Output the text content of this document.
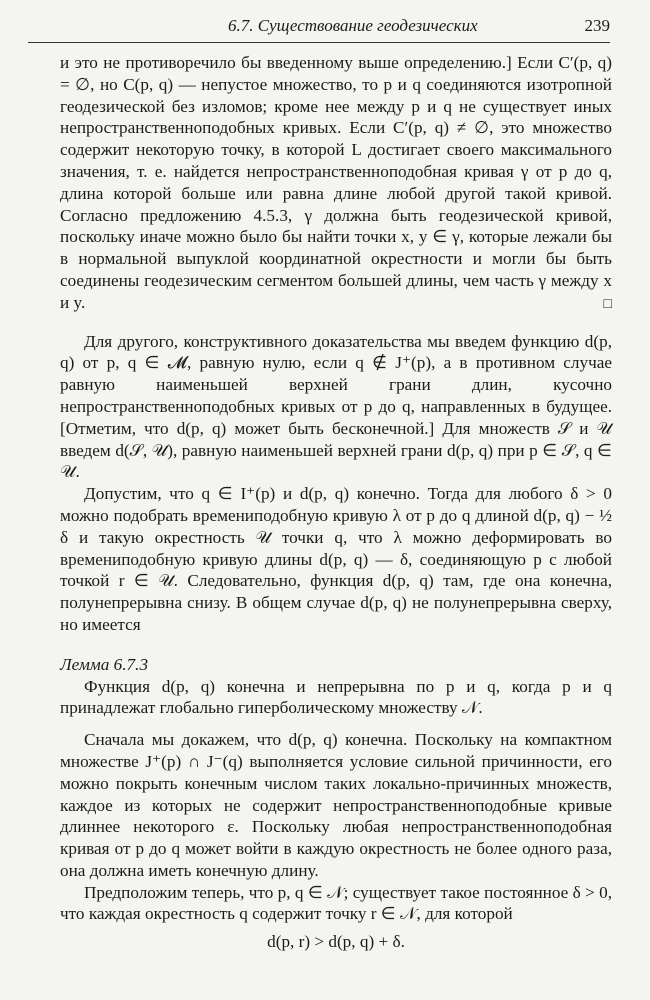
6.7. Существование геодезических	239

и это не противоречило бы введенному выше определению.] Если C′(p, q) = ∅, но C(p, q) — непустое множество, то p и q соединяются изотропной геодезической без изломов; кроме нее между p и q не существует иных непространственноподобных кривых. Если C′(p, q) ≠ ∅, это множество содержит некоторую точку, в которой L достигает своего максимального значения, т. е. найдется непространственноподобная кривая γ от p до q, длина которой больше или равна длине любой другой такой кривой. Согласно предложению 4.5.3, γ должна быть геодезической кривой, поскольку иначе можно было бы найти точки x, y ∈ γ, которые лежали бы в нормальной выпуклой координатной окрестности и могли бы быть соединены геодезическим сегментом большей длины, чем часть γ между x и y.	□

Для другого, конструктивного доказательства мы введем функцию d(p, q) от p, q ∈ 𝓜, равную нулю, если q ∉ J⁺(p), а в противном случае равную наименьшей верхней грани длин, кусочно непространственноподобных кривых от p до q, направленных в будущее. [Отметим, что d(p, q) может быть бесконечной.] Для множеств 𝒮 и 𝒰 введем d(𝒮, 𝒰), равную наименьшей верхней грани d(p, q) при p ∈ 𝒮, q ∈ 𝒰.

Допустим, что q ∈ I⁺(p) и d(p, q) конечно. Тогда для любого δ > 0 можно подобрать времениподобную кривую λ от p до q длиной d(p, q) − ½ δ и такую окрестность 𝒰 точки q, что λ можно деформировать во времениподобную кривую длины d(p, q) — δ, соединяющую p с любой точкой r ∈ 𝒰. Следовательно, функция d(p, q) там, где она конечна, полунепрерывна снизу. В общем случае d(p, q) не полунепрерывна сверху, но имеется

Лемма 6.7.3

Функция d(p, q) конечна и непрерывна по p и q, когда p и q принадлежат глобально гиперболическому множеству 𝒩.

Сначала мы докажем, что d(p, q) конечна. Поскольку на компактном множестве J⁺(p) ∩ J⁻(q) выполняется условие сильной причинности, его можно покрыть конечным числом таких локально-причинных множеств, каждое из которых не содержит непространственноподобные кривые длиннее некоторого ε. Поскольку любая непространственноподобная кривая от p до q может войти в каждую окрестность не более одного раза, она должна иметь конечную длину.

Предположим теперь, что p, q ∈ 𝒩; существует такое постоянное δ > 0, что каждая окрестность q содержит точку r ∈ 𝒩, для которой

d(p, r) > d(p, q) + δ.
